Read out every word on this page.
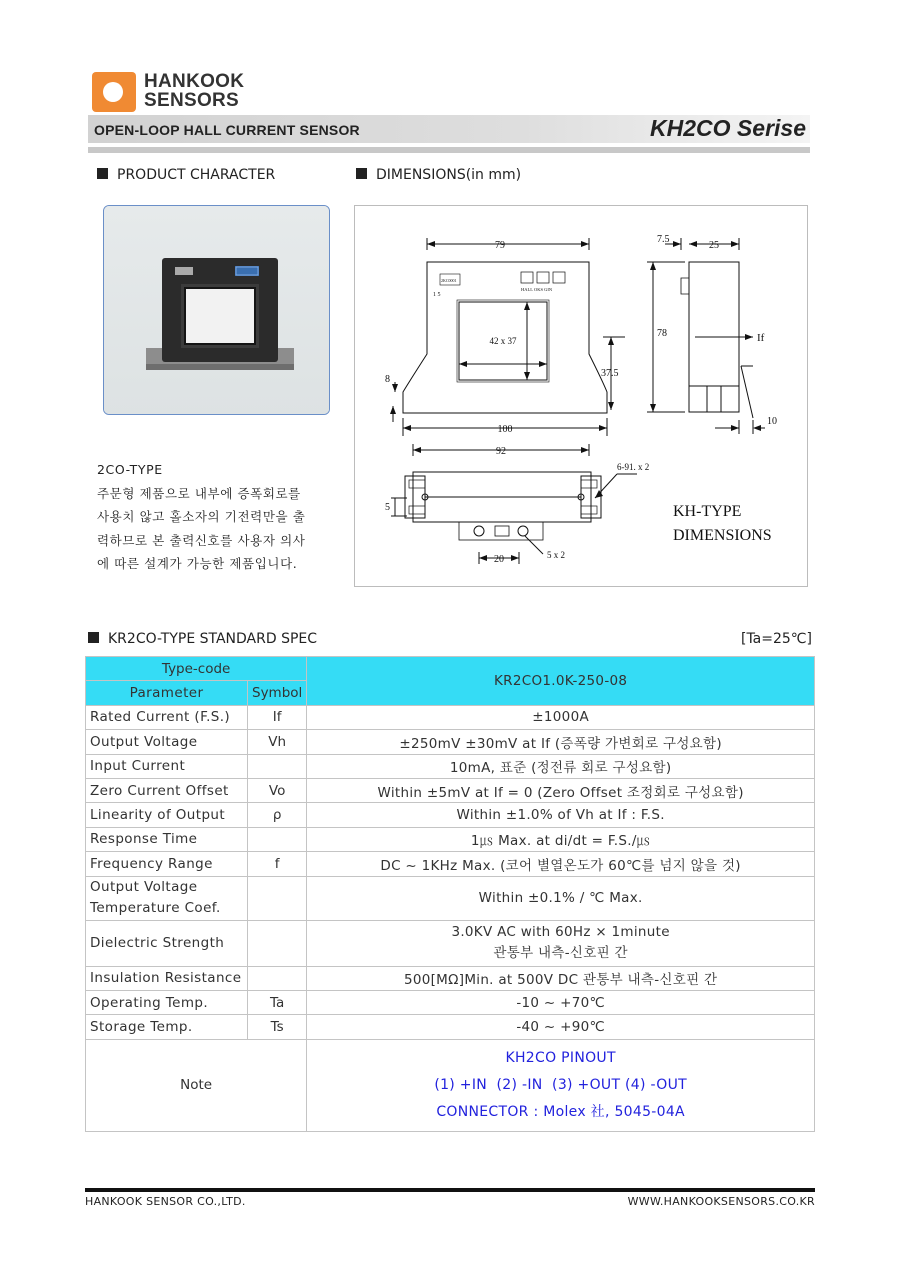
HANKOOK
SENSORS
OPEN-LOOP HALL CURRENT SENSOR	KH2CO Serise
PRODUCT CHARACTER	DIMENSIONS(in mm)
2CO-TYPE
주문형 제품으로 내부에 증폭회로를
사용치 않고 홀소자의 기전력만을 출
력하므로 본 출력신호를 사용자 의사
에 따른 설계가 가능한 제품입니다.
79
7.5
25
78
37.5
8
100
92
10
5
20
42 x 37	If
6-91. x 2
5 x 2
2KC0001
1 5
HALL OKS GIN
KH-TYPE
DIMENSIONS
KR2CO-TYPE STANDARD SPEC	[Ta=25℃]
Type-code		KR2CO1.0K-250-08
Parameter	Symbol	
Rated Current (F.S.)	If	±1000A
Output Voltage	Vh	±250mV ±30mV at If (증폭량 가변회로 구성요함)
Input Current		10mA, 표준 (정전류 회로 구성요함)
Zero Current Offset	Vo	Within ±5mV at If = 0 (Zero Offset 조정회로 구성요함)
Linearity of Output	ρ	Within ±1.0% of Vh at If : F.S.
Response Time		1㎲ Max. at di/dt = F.S./㎲
Frequency Range	f	DC ~ 1KHz Max. (코어 별열온도가 60℃를 넘지 않을 것)

Output Voltage
Temperature Coef.		Within ±0.1% / ℃ Max.
Dielectric Strength		3.0KV AC with 60Hz × 1minute
관통부 내측-신호핀 간

Insulation Resistance		500[MΩ]Min. at 500V DC 관통부 내측-신호핀 간
Operating Temp.	Ta	-10 ~ +70℃
Storage Temp.	Ts	-40 ~ +90℃
Note		KH2CO PINOUT
(1) +IN  (2) -IN  (3) +OUT (4) -OUT
CONNECTOR : Molex 社, 5045-04A
HANKOOK SENSOR CO.,LTD.	WWW.HANKOOKSENSORS.CO.KR
